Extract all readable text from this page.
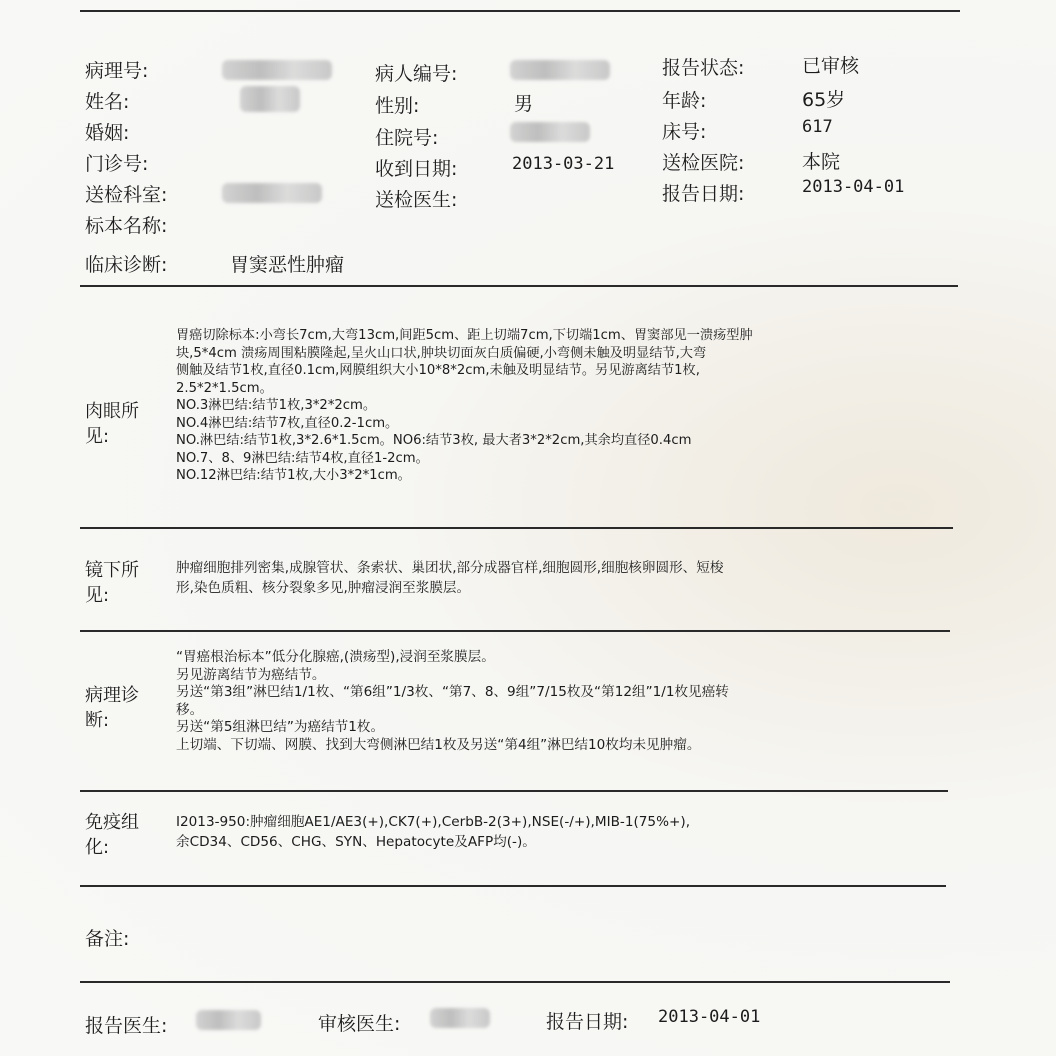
病理号:
姓名:
婚姻:
门诊号:
送检科室:
标本名称:
临床诊断:	胃窦恶性肿瘤
病人编号:
性别:	男
住院号:
收到日期:	2013-03-21
送检医生:
报告状态:	已审核
年龄:	65岁
床号:	617
送检医院:	本院
报告日期:	2013-04-01
肉眼所见:
胃癌切除标本:小弯长7cm,大弯13cm,间距5cm、距上切端7cm,下切端1cm、胃窦部见一溃疡型肿
块,5*4cm 溃疡周围粘膜隆起,呈火山口状,肿块切面灰白质偏硬,小弯侧未触及明显结节,大弯
侧触及结节1枚,直径0.1cm,网膜组织大小10*8*2cm,未触及明显结节。另见游离结节1枚,
2.5*2*1.5cm。
NO.3淋巴结:结节1枚,3*2*2cm。
NO.4淋巴结:结节7枚,直径0.2-1cm。
NO.淋巴结:结节1枚,3*2.6*1.5cm。NO6:结节3枚, 最大者3*2*2cm,其余均直径0.4cm
NO.7、8、9淋巴结:结节4枚,直径1-2cm。
NO.12淋巴结:结节1枚,大小3*2*1cm。
镜下所见:
肿瘤细胞排列密集,成腺管状、条索状、巢团状,部分成器官样,细胞圆形,细胞核卵圆形、短梭
形,染色质粗、核分裂象多见,肿瘤浸润至浆膜层。
病理诊断:
“胃癌根治标本”低分化腺癌,(溃疡型),浸润至浆膜层。
另见游离结节为癌结节。
另送“第3组”淋巴结1/1枚、“第6组”1/3枚、“第7、8、9组”7/15枚及“第12组”1/1枚见癌转
移。
另送“第5组淋巴结”为癌结节1枚。
上切端、下切端、网膜、找到大弯侧淋巴结1枚及另送“第4组”淋巴结10枚均未见肿瘤。
免疫组化:
I2013-950:肿瘤细胞AE1/AE3(+),CK7(+),CerbB-2(3+),NSE(-/+),MIB-1(75%+),
余CD34、CD56、CHG、SYN、Hepatocyte及AFP均(-)。
备注:
报告医生:	审核医生:	报告日期: 2013-04-01
